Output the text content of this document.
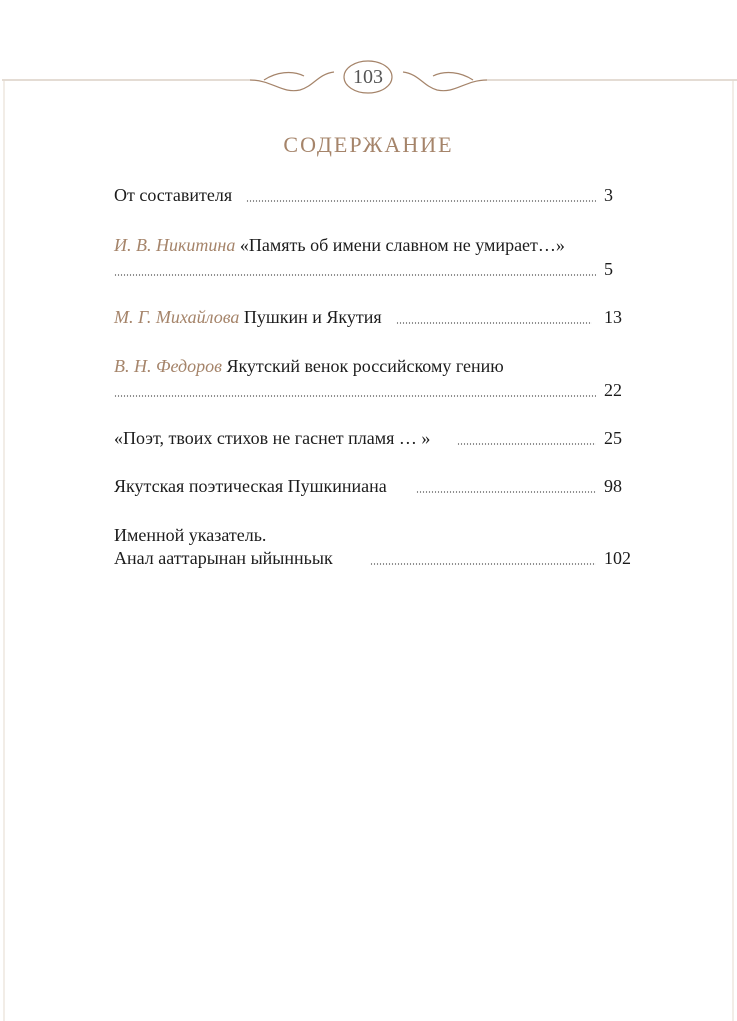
103
СОДЕРЖАНИЕ
От составителя	3
И. В. Никитина «Память об имени славном не умирает…»
5
М. Г. Михайлова Пушкин и Якутия	13
В. Н. Федоров Якутский венок российскому гению
22
«Поэт, твоих стихов не гаснет пламя … »	25
Якутская поэтическая Пушкиниана	98
Именной указатель.
Анал ааттарынан ыйынньык	102
